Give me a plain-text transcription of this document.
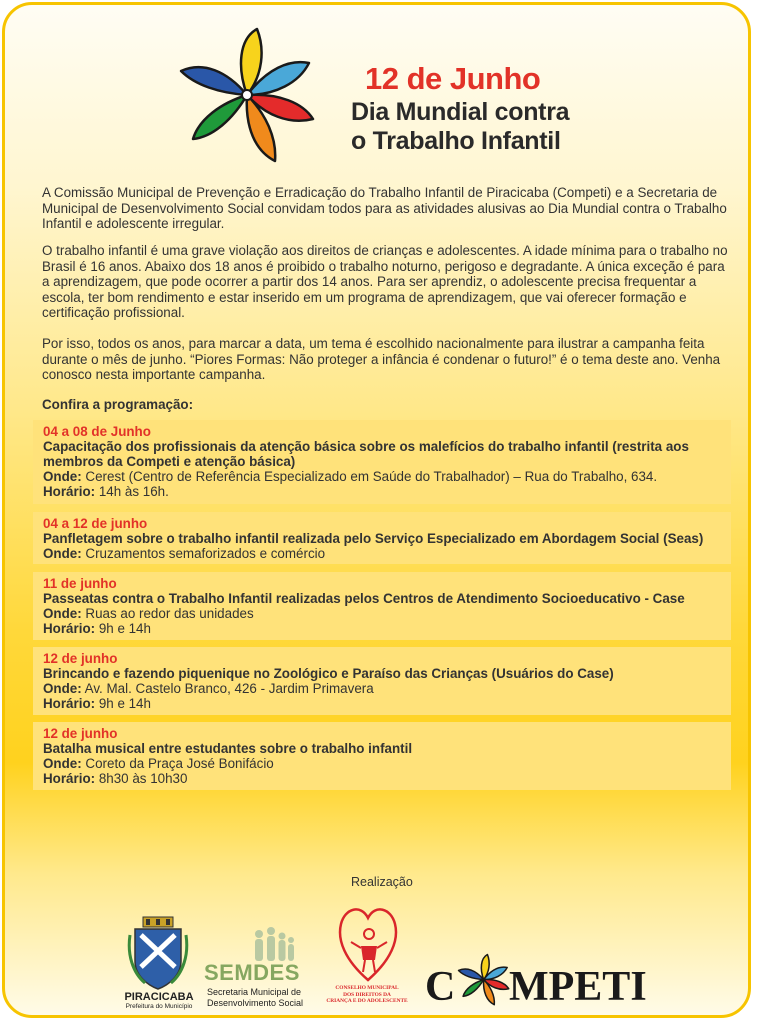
12 de Junho
Dia Mundial contra
o Trabalho Infantil

A Comissão Municipal de Prevenção e Erradicação do Trabalho Infantil de Piracicaba (Competi) e a Secretaria de Municipal de Desenvolvimento Social convidam todos para as atividades alusivas ao Dia Mundial contra o Trabalho Infantil e adolescente irregular.

O trabalho infantil é uma grave violação aos direitos de crianças e adolescentes. A idade mínima para o trabalho no Brasil é 16 anos. Abaixo dos 18 anos é proibido o trabalho noturno, perigoso e degradante. A única exceção é para a aprendizagem, que pode ocorrer a partir dos 14 anos. Para ser aprendiz, o adolescente precisa frequentar a escola, ter bom rendimento e estar inserido em um programa de aprendizagem, que vai oferecer formação e certificação profissional.

Por isso, todos os anos, para marcar a data, um tema é escolhido nacionalmente para ilustrar a campanha feita durante o mês de junho. “Piores Formas: Não proteger a infância é condenar o futuro!” é o tema deste ano. Venha conosco nesta importante campanha.

Confira a programação:
04 a 08 de Junho
Capacitação dos profissionais da atenção básica sobre os malefícios do trabalho infantil (restrita aos membros da Competi e atenção básica)
Onde: Cerest (Centro de Referência Especializado em Saúde do Trabalhador) – Rua do Trabalho, 634.
Horário: 14h às 16h.
04 a 12 de junho
Panfletagem sobre o trabalho infantil realizada pelo Serviço Especializado em Abordagem Social (Seas)
Onde: Cruzamentos semaforizados e comércio
11 de junho
Passeatas contra o Trabalho Infantil realizadas pelos Centros de Atendimento Socioeducativo - Case
Onde: Ruas ao redor das unidades
Horário: 9h e 14h
12 de junho
Brincando e fazendo piquenique no Zoológico e Paraíso das Crianças (Usuários do Case)
Onde: Av. Mal. Castelo Branco, 426 - Jardim Primavera
Horário: 9h e 14h
12 de junho
Batalha musical entre estudantes sobre o trabalho infantil
Onde: Coreto da Praça José Bonifácio
Horário: 8h30 às 10h30
Realização
PIRACICABA
Prefeitura do Município
SEMDES
Secretaria Municipal de
Desenvolvimento Social
CONSELHO MUNICIPAL
DOS DIREITOS DA
CRIANÇA E DO ADOLESCENTE C MPETI
